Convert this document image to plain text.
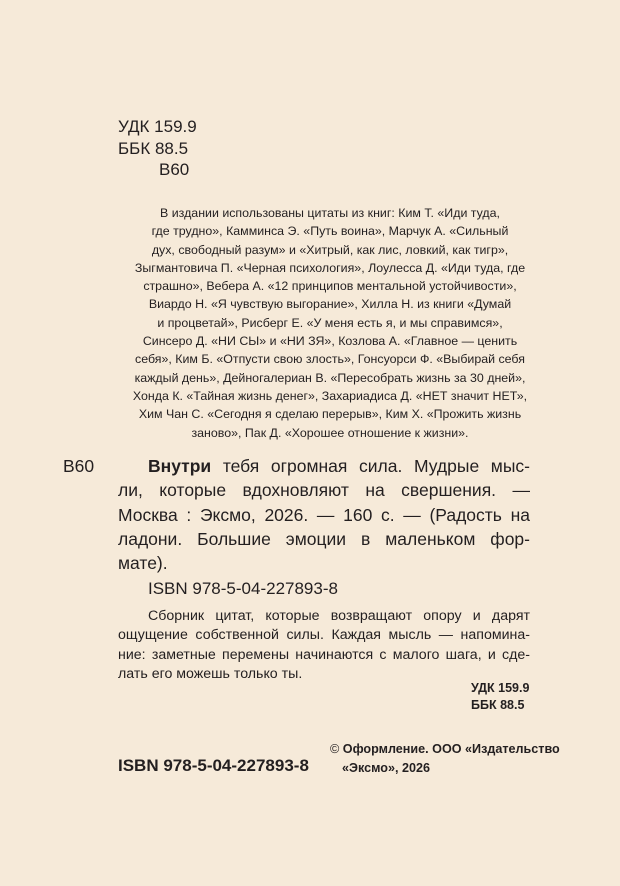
УДК 159.9
ББК 88.5
В60
В издании использованы цитаты из книг: Ким Т. «Иди туда,
где трудно», Камминса Э. «Путь воина», Марчук А. «Сильный
дух, свободный разум» и «Хитрый, как лис, ловкий, как тигр»,
Зыгмантовича П. «Черная психология», Лоулесса Д. «Иди туда, где
страшно», Вебера А. «12 принципов ментальной устойчивости»,
Виардо Н. «Я чувствую выгорание», Хилла Н. из книги «Думай
и процветай», Рисберг Е. «У меня есть я, и мы справимся»,
Синсеро Д. «НИ СЫ» и «НИ ЗЯ», Козлова А. «Главное — ценить
себя», Ким Б. «Отпусти свою злость», Гонсуорси Ф. «Выбирай себя
каждый день», Дейногалериан В. «Пересобрать жизнь за 30 дней»,
Хонда К. «Тайная жизнь денег», Захариадиса Д. «НЕТ значит НЕТ»,
Хим Чан С. «Сегодня я сделаю перерыв», Ким Х. «Прожить жизнь
заново», Пак Д. «Хорошее отношение к жизни».
В60	Внутри тебя огромная сила. Мудрые мыс-
ли, которые вдохновляют на свершения. —
Москва : Эксмо, 2026. — 160 с. — (Радость на
ладони. Большие эмоции в маленьком фор-
мате).
ISBN 978-5-04-227893-8
Сборник цитат, которые возвращают опору и дарят
ощущение собственной силы. Каждая мысль — напомина-
ние: заметные перемены начинаются с малого шага, и сде-
лать его можешь только ты.
УДК 159.9
ББК 88.5
© Оформление. ООО «Издательство
«Эксмо», 2026
ISBN 978-5-04-227893-8
